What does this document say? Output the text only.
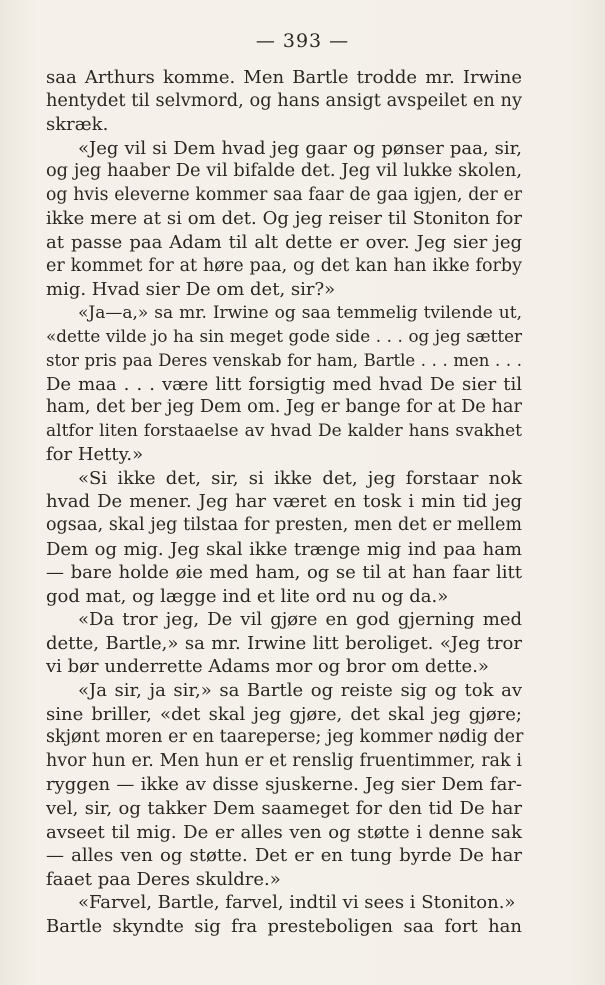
— 393 —
saa Arthurs komme. Men Bartle trodde mr. Irwine
hentydet til selvmord, og hans ansigt avspeilet en ny
skræk.
«Jeg vil si Dem hvad jeg gaar og pønser paa, sir,
og jeg haaber De vil bifalde det. Jeg vil lukke skolen,
og hvis eleverne kommer saa faar de gaa igjen, der er
ikke mere at si om det. Og jeg reiser til Stoniton for
at passe paa Adam til alt dette er over. Jeg sier jeg
er kommet for at høre paa, og det kan han ikke forby
mig. Hvad sier De om det, sir?»
«Ja—a,» sa mr. Irwine og saa temmelig tvilende ut,
«dette vilde jo ha sin meget gode side . . . og jeg sætter
stor pris paa Deres venskab for ham, Bartle . . . men . . .
De maa . . . være litt forsigtig med hvad De sier til
ham, det ber jeg Dem om. Jeg er bange for at De har
altfor liten forstaaelse av hvad De kalder hans svakhet
for Hetty.»
«Si ikke det, sir, si ikke det, jeg forstaar nok
hvad De mener. Jeg har været en tosk i min tid jeg
ogsaa, skal jeg tilstaa for presten, men det er mellem
Dem og mig. Jeg skal ikke trænge mig ind paa ham
— bare holde øie med ham, og se til at han faar litt
god mat, og lægge ind et lite ord nu og da.»
«Da tror jeg, De vil gjøre en god gjerning med
dette, Bartle,» sa mr. Irwine litt beroliget. «Jeg tror
vi bør underrette Adams mor og bror om dette.»
«Ja sir, ja sir,» sa Bartle og reiste sig og tok av
sine briller, «det skal jeg gjøre, det skal jeg gjøre;
skjønt moren er en taareperse; jeg kommer nødig der
hvor hun er. Men hun er et renslig fruentimmer, rak i
ryggen — ikke av disse sjuskerne. Jeg sier Dem far-
vel, sir, og takker Dem saameget for den tid De har
avseet til mig. De er alles ven og støtte i denne sak
— alles ven og støtte. Det er en tung byrde De har
faaet paa Deres skuldre.»
«Farvel, Bartle, farvel, indtil vi sees i Stoniton.»
Bartle skyndte sig fra presteboligen saa fort han
